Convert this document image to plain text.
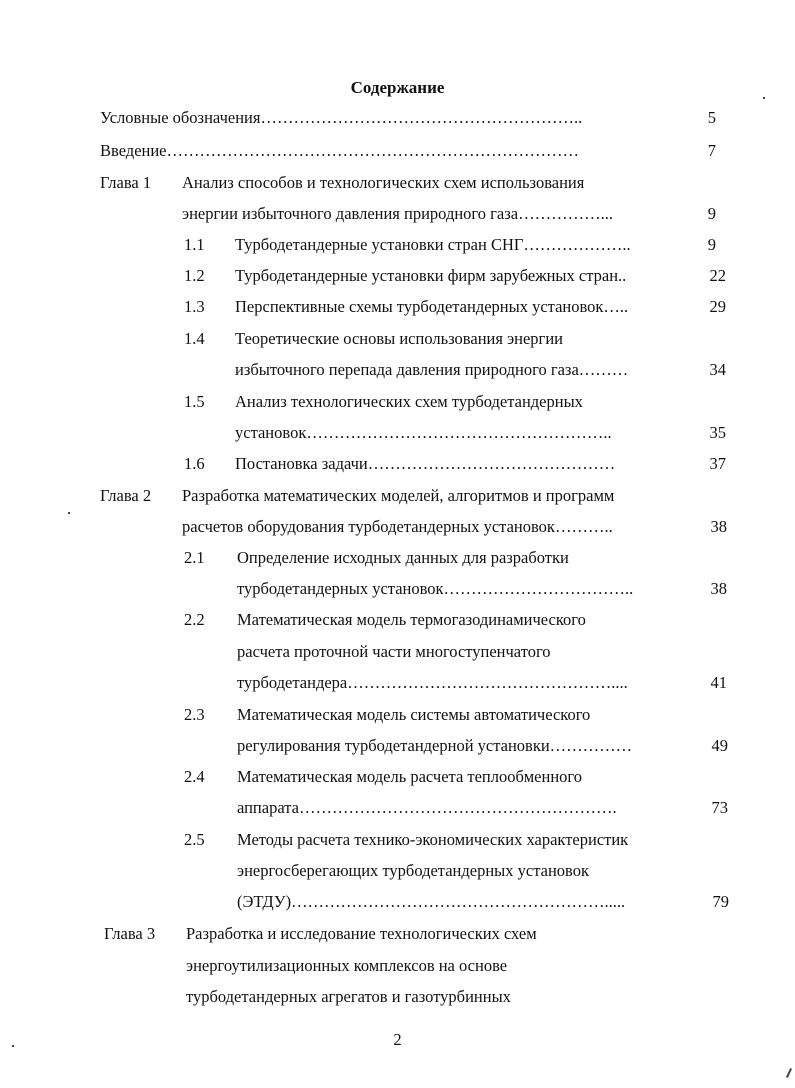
Содержание
Условные обозначения…………………………………………………..	5
Введение…………………………………………………………………	7
Глава 1 Анализ способов и технологических схем использования
энергии избыточного давления природного газа……………...	9
1.1 Турбодетандерные установки стран СНГ………………..	9
1.2 Турбодетандерные установки фирм зарубежных стран..	22
1.3 Перспективные схемы турбодетандерных установок…..	29
1.4 Теоретические основы использования энергии
избыточного перепада давления природного газа………	34
1.5 Анализ технологических схем турбодетандерных
установок………………………………………………..	35
1.6 Постановка задачи………………………………………	37
Глава 2 Разработка математических моделей, алгоритмов и программ
расчетов оборудования турбодетандерных установок………..	38
2.1 Определение исходных данных для разработки
турбодетандерных установок……………………………..	38
2.2 Математическая модель термогазодинамического
расчета проточной части многоступенчатого
турбодетандера…………………………………………....	41
2.3 Математическая модель системы автоматического
регулирования турбодетандерной установки……………	49
2.4 Математическая модель расчета теплообменного
аппарата………………………………………………….	73
2.5 Методы расчета технико-экономических характеристик
энергосберегающих турбодетандерных установок
(ЭТДУ)………………………………………………….....	79
Глава 3 Разработка и исследование технологических схем
энергоутилизационных комплексов на основе
турбодетандерных агрегатов и газотурбинных
2
